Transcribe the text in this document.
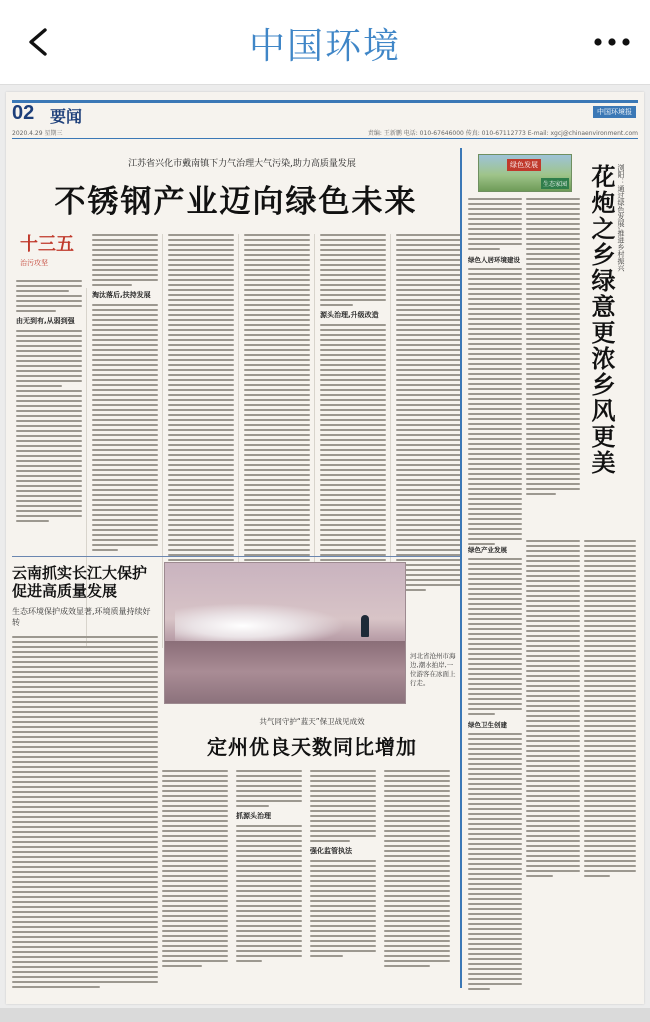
中国环境
02 要闻
2020.4.29 星期三	责编: 王新鹏 电话: 010-67646000 传真: 010-67112773 E-mail: xgcj@chinaenvironment.com
中国环境报
江苏省兴化市戴南镇下力气治理大气污染,助力高质量发展
不锈钢产业迈向绿色未来
十三五
治污攻坚
由无到有,从弱到强
淘汰落后,扶持发展
源头治理,升级改造
绿色发展
生态家园 花炮之乡绿意更浓乡风更美 浏阳：通过绿色发展,推进乡村振兴
绿色人居环境建设
绿色产业发展
绿色卫生创建
云南抓实长江大保护促进高质量发展
生态环境保护成效显著,环境质量持续好转
河北省沧州市海边,潮水拍岸,一位游客在冰面上行走。
共气同守护“蓝天”保卫战见成效
定州优良天数同比增加
抓源头治理
强化监管执法
